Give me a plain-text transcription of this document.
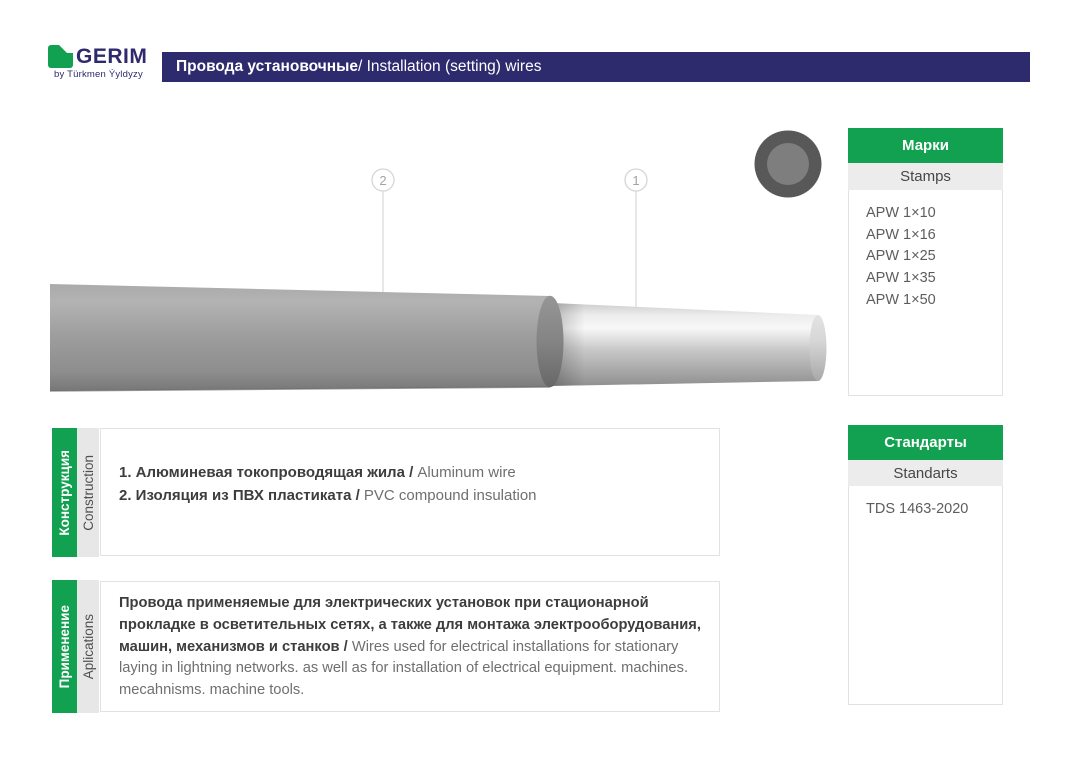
GERIM
by Türkmen Ýyldyzy	Провода установочные / Installation (setting) wires
2	1
Марки
Stamps
APW 1×10
APW 1×16
APW 1×25
APW 1×35
APW 1×50
Стандарты
Standarts
TDS 1463-2020
Конструкция Construction 1. Алюминевая токопроводящая жила / Aluminum wire
2. Изоляция из ПВХ пластиката / PVC compound insulation
Применение Aplications
Провода применяемые для электрических установок при стационарной прокладке в осветительных сетях, а также для монтажа электрооборудования, машин, механизмов и станков / Wires used for electrical installations for stationary laying in lightning networks. as well as for installation of electrical equipment. machines. mecahnisms. machine tools.
